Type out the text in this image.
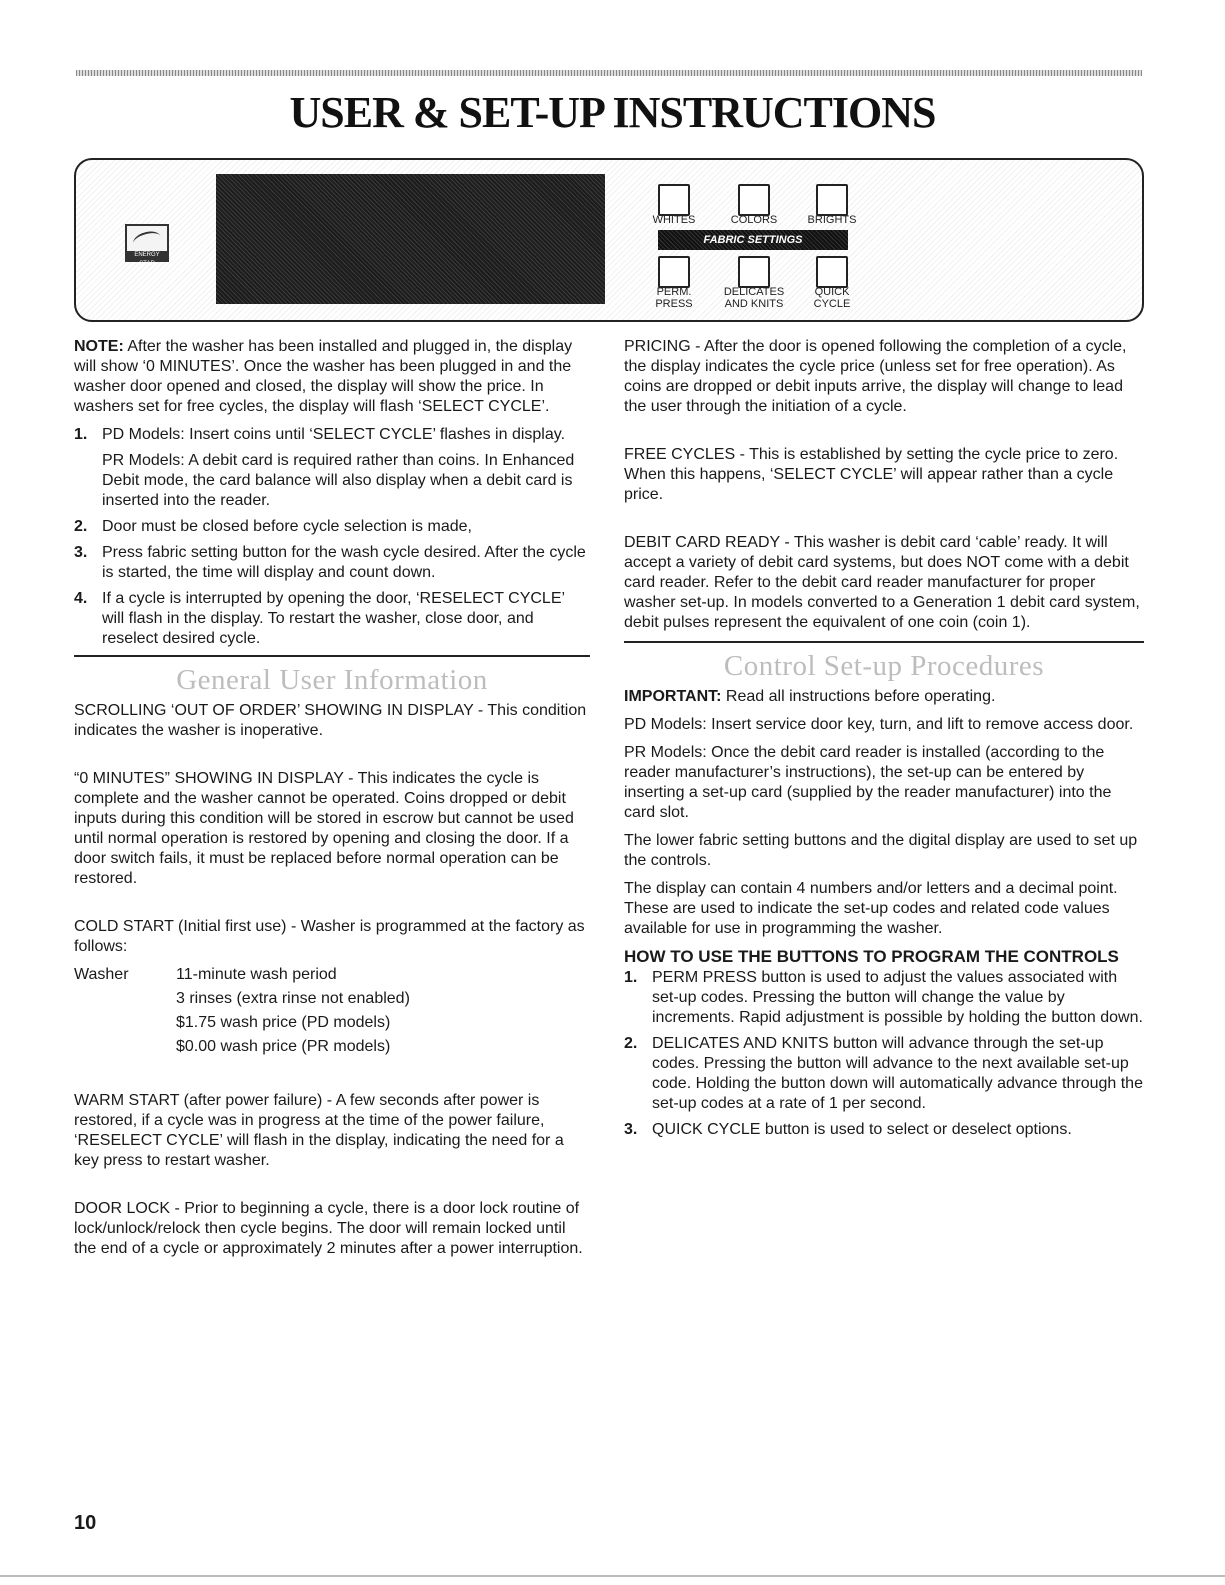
USER & SET-UP INSTRUCTIONS
ENERGY STAR
WHITES	COLORS	BRIGHTS
FABRIC SETTINGS
PERM.
PRESS
DELICATES
AND KNITS
QUICK
CYCLE

NOTE: After the washer has been installed and plugged in, the display will show ‘0 MINUTES’. Once the washer has been plugged in and the washer door opened and closed, the display will show the price. In washers set for free cycles, the display will flash ‘SELECT CYCLE’.

1. PD Models: Insert coins until ‘SELECT CYCLE’ flashes in display.

PR Models: A debit card is required rather than coins. In Enhanced Debit mode, the card balance will also display when a debit card is inserted into the reader.

2. Door must be closed before cycle selection is made,
3. Press fabric setting button for the wash cycle desired. After the cycle is started, the time will display and count down.
4. If a cycle is interrupted by opening the door, ‘RESELECT CYCLE’ will flash in the display. To restart the washer, close door, and reselect desired cycle.
General User Information

SCROLLING ‘OUT OF ORDER’ SHOWING IN DISPLAY - This condition indicates the washer is inoperative.

“0 MINUTES” SHOWING IN DISPLAY - This indicates the cycle is complete and the washer cannot be operated. Coins dropped or debit inputs during this condition will be stored in escrow but cannot be used until normal operation is restored by opening and closing the door. If a door switch fails, it must be replaced before normal operation can be restored.

COLD START (Initial first use) - Washer is programmed at the factory as follows:

Washer	11-minute wash period
	3 rinses (extra rinse not enabled)
	$1.75 wash price (PD models)
	$0.00 wash price (PR models)

WARM START (after power failure) - A few seconds after power is restored, if a cycle was in progress at the time of the power failure, ‘RESELECT CYCLE’ will flash in the display, indicating the need for a key press to restart washer.

DOOR LOCK - Prior to beginning a cycle, there is a door lock routine of lock/unlock/relock then cycle begins. The door will remain locked until the end of a cycle or approximately 2 minutes after a power interruption.

PRICING - After the door is opened following the completion of a cycle, the display indicates the cycle price (unless set for free operation). As coins are dropped or debit inputs arrive, the display will change to lead the user through the initiation of a cycle.

FREE CYCLES - This is established by setting the cycle price to zero. When this happens, ‘SELECT CYCLE’ will appear rather than a cycle price.

DEBIT CARD READY - This washer is debit card ‘cable’ ready. It will accept a variety of debit card systems, but does NOT come with a debit card reader. Refer to the debit card reader manufacturer for proper washer set-up. In models converted to a Generation 1 debit card system, debit pulses represent the equivalent of one coin (coin 1).

Control Set-up Procedures

IMPORTANT: Read all instructions before operating.

PD Models: Insert service door key, turn, and lift to remove access door.

PR Models: Once the debit card reader is installed (according to the reader manufacturer’s instructions), the set-up can be entered by inserting a set-up card (supplied by the reader manufacturer) into the card slot.

The lower fabric setting buttons and the digital display are used to set up the controls.

The display can contain 4 numbers and/or letters and a decimal point. These are used to indicate the set-up codes and related code values available for use in programming the washer.

HOW TO USE THE BUTTONS TO PROGRAM THE CONTROLS
1. PERM PRESS button is used to adjust the values associated with set-up codes. Pressing the button will change the value by increments. Rapid adjustment is possible by holding the button down.
2. DELICATES AND KNITS button will advance through the set-up codes. Pressing the button will advance to the next available set-up code. Holding the button down will automatically advance through the set-up codes at a rate of 1 per second.
3. QUICK CYCLE button is used to select or deselect options.
10
